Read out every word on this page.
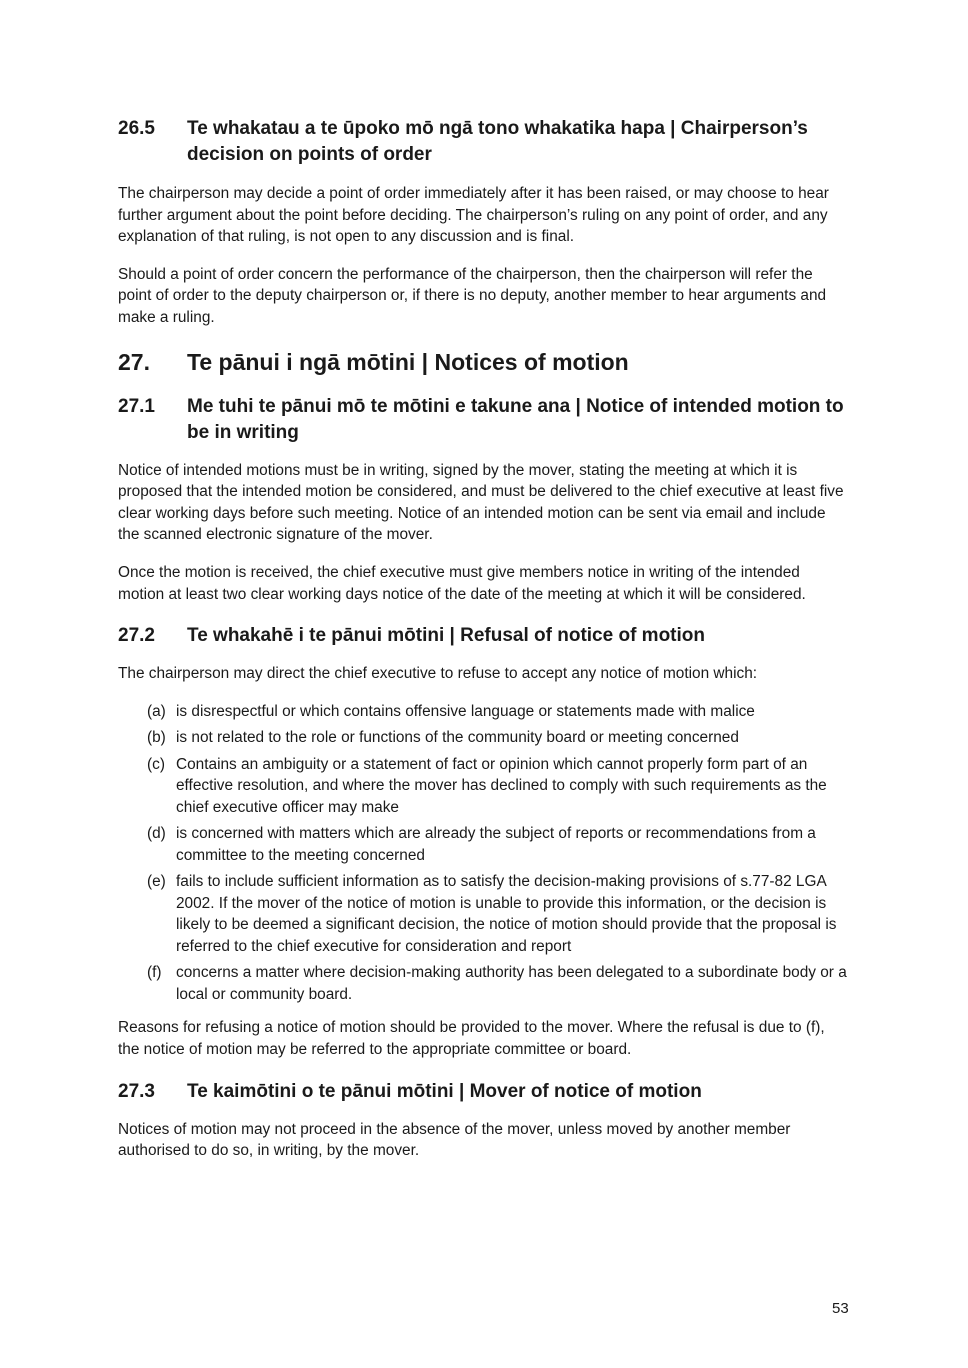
26.5	Te whakatau a te ūpoko mō ngā tono whakatika hapa | Chairperson’s decision on points of order

The chairperson may decide a point of order immediately after it has been raised, or may choose to hear further argument about the point before deciding. The chairperson’s ruling on any point of order, and any explanation of that ruling, is not open to any discussion and is final.

Should a point of order concern the performance of the chairperson, then the chairperson will refer the point of order to the deputy chairperson or, if there is no deputy, another member to hear arguments and make a ruling.

27.	Te pānui i ngā mōtini | Notices of motion
27.1	Me tuhi te pānui mō te mōtini e takune ana | Notice of intended motion to be in writing

Notice of intended motions must be in writing, signed by the mover, stating the meeting at which it is proposed that the intended motion be considered, and must be delivered to the chief executive at least five clear working days before such meeting. Notice of an intended motion can be sent via email and include the scanned electronic signature of the mover.

Once the motion is received, the chief executive must give members notice in writing of the intended motion at least two clear working days notice of the date of the meeting at which it will be considered.

27.2	Te whakahē i te pānui mōtini | Refusal of notice of motion

The chairperson may direct the chief executive to refuse to accept any notice of motion which:

(a) is disrespectful or which contains offensive language or statements made with malice
(b) is not related to the role or functions of the community board or meeting concerned
(c) Contains an ambiguity or a statement of fact or opinion which cannot properly form part of an effective resolution, and where the mover has declined to comply with such requirements as the chief executive officer may make
(d) is concerned with matters which are already the subject of reports or recommendations from a committee to the meeting concerned
(e) fails to include sufficient information as to satisfy the decision-making provisions of s.77-82 LGA 2002. If the mover of the notice of motion is unable to provide this information, or the decision is likely to be deemed a significant decision, the notice of motion should provide that the proposal is referred to the chief executive for consideration and report
(f) concerns a matter where decision-making authority has been delegated to a subordinate body or a local or community board.

Reasons for refusing a notice of motion should be provided to the mover. Where the refusal is due to (f), the notice of motion may be referred to the appropriate committee or board.

27.3	Te kaimōtini o te pānui mōtini | Mover of notice of motion

Notices of motion may not proceed in the absence of the mover, unless moved by another member authorised to do so, in writing, by the mover.

53
